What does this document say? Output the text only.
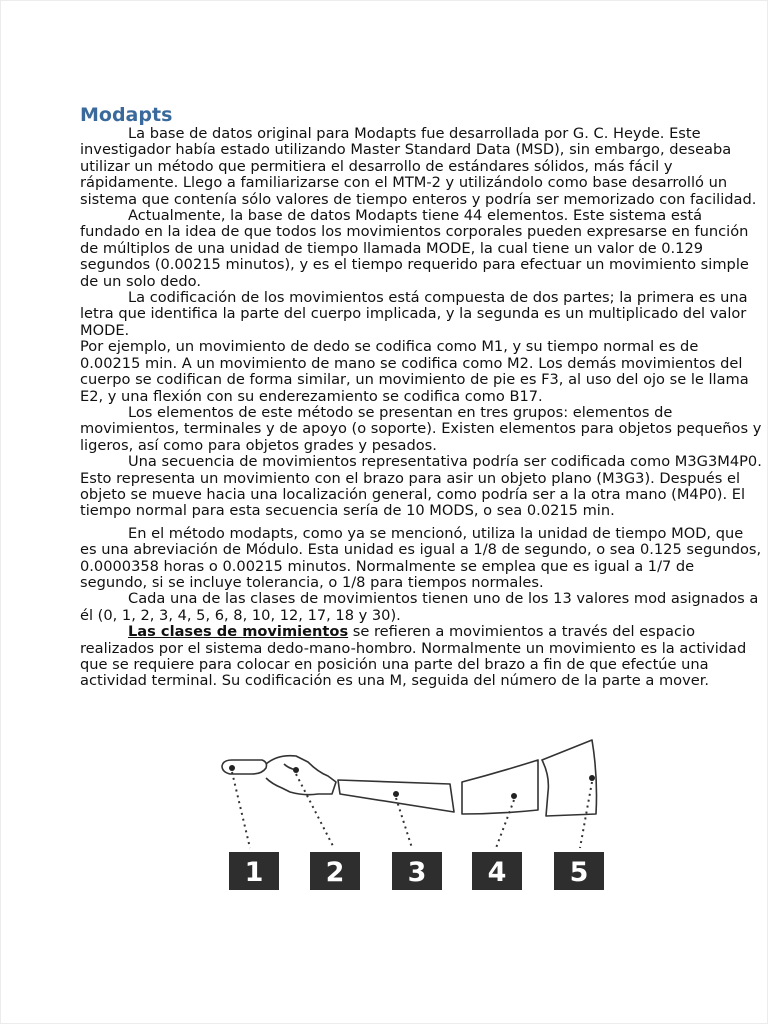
Modapts

La base de datos original para Modapts fue desarrollada por G. C. Heyde. Este investigador había estado utilizando Master Standard Data (MSD), sin embargo, deseaba utilizar un método que permitiera el desarrollo de estándares sólidos, más fácil y rápidamente. Llego a familiarizarse con el MTM-2 y utilizándolo como base desarrolló un sistema que contenía sólo valores de tiempo enteros y podría ser memorizado con facilidad.

Actualmente, la base de datos Modapts tiene 44 elementos. Este sistema está fundado en la idea de que todos los movimientos corporales pueden expresarse en función de múltiplos de una unidad de tiempo llamada MODE, la cual tiene un valor de 0.129 segundos (0.00215 minutos), y es el tiempo requerido para efectuar un movimiento simple de un solo dedo.

La codificación de los movimientos está compuesta de dos partes; la primera es una letra que identifica la parte del cuerpo implicada, y la segunda es un multiplicado del valor MODE.

Por ejemplo, un movimiento de dedo se codifica como M1, y su tiempo normal es de 0.00215 min. A un movimiento de mano se codifica como M2. Los demás movimientos del cuerpo se codifican de forma similar, un movimiento de pie es F3, al uso del ojo se le llama E2, y una flexión con su enderezamiento se codifica como B17.

Los elementos de este método se presentan en tres grupos: elementos de movimientos, terminales y de apoyo (o soporte). Existen elementos para objetos pequeños y ligeros, así como para objetos grades y pesados.

Una secuencia de movimientos representativa podría ser codificada como M3G3M4P0. Esto representa un movimiento con el brazo para asir un objeto plano (M3G3). Después el objeto se mueve hacia una localización general, como podría ser a la otra mano (M4P0). El tiempo normal para esta secuencia sería de 10 MODS, o sea 0.0215 min.

En el método modapts, como ya se mencionó, utiliza la unidad de tiempo MOD, que es una abreviación de Módulo. Esta unidad es igual a 1/8 de segundo, o sea 0.125 segundos, 0.0000358 horas o 0.00215 minutos. Normalmente se emplea que es igual a 1/7 de segundo, si se incluye tolerancia, o 1/8 para tiempos normales.

Cada una de las clases de movimientos tienen uno de los 13 valores mod asignados a él (0, 1, 2, 3, 4, 5, 6, 8, 10, 12, 17, 18 y 30).

Las clases de movimientos se refieren a movimientos a través del espacio realizados por el sistema dedo-mano-hombro. Normalmente un movimiento es la actividad que se requiere para colocar en posición una parte del brazo a fin de que efectúe una actividad terminal. Su codificación es una M, seguida del número de la parte a mover.

1 2 3 4 5
